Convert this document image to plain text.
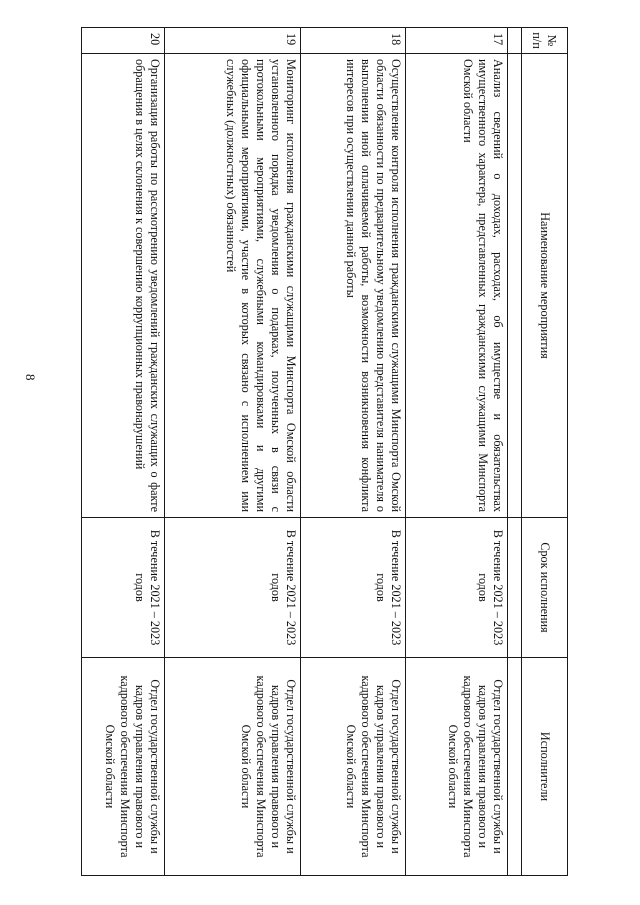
8
№ п/п	Наименование мероприятия	Срок исполнения	Исполнители

17	Анализ сведений о доходах, расходах, об имуществе и обязательствах имущественного характера, представленных гражданскими служащими Минспорта Омской области	В течение 2021 – 2023 годов	Отдел государственной службы и кадров управления правового и кадрового обеспечения Минспорта Омской области
18	Осуществление контроля исполнения гражданскими служащими Минспорта Омской области обязанности по предварительному уведомлению представителя нанимателя о выполнении иной оплачиваемой работы, возможности возникновения конфликта интересов при осуществлении данной работы	В течение 2021 – 2023 годов	Отдел государственной службы и кадров управления правового и кадрового обеспечения Минспорта Омской области
19	Мониторинг исполнения гражданскими служащими Минспорта Омской области установленного порядка уведомления о подарках, полученных в связи с протокольными мероприятиями, служебными командировками и другими официальными мероприятиями, участие в которых связано с исполнением ими служебных (должностных) обязанностей	В течение 2021 – 2023 годов	Отдел государственной службы и кадров управления правового и кадрового обеспечения Минспорта Омской области
20	Организация работы по рассмотрению уведомлений гражданских служащих о факте обращения в целях склонения к совершению коррупционных правонарушений	В течение 2021 – 2023 годов	Отдел государственной службы и кадров управления правового и кадрового обеспечения Минспорта Омской области
